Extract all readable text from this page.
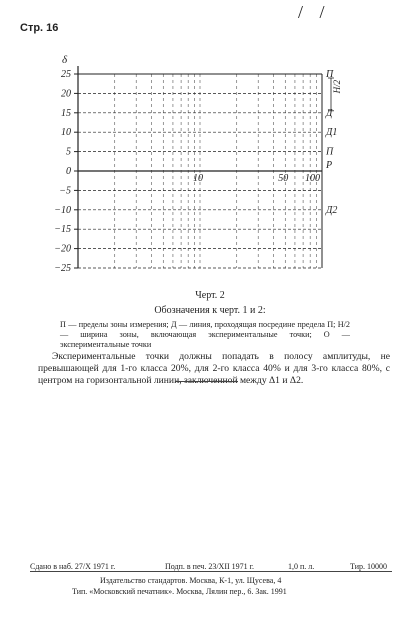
Стр. 16
/ /
25
20
15
10
5
0
−5
−10
−15
−20
−25
δ
10	50 100
П
Д
Д1
П
Р
Д2
H/2
Черт. 2
Обозначения к черт. 1 и 2:
П — пределы зоны измерения; Д — линия, проходящая посредине предела П; H/2 — ширина зоны, включающая экспериментальные точки; О — экспериментальные точки
Экспериментальные точки должны попадать в полосу амплитуды, не превышающей для 1-го класса 20%, для 2-го класса 40% и для 3-го класса 80%, с центром на горизонтальной линии, заключенной между Δ1 и Δ2.
Сдано в наб. 27/X 1971 г.	Подп. в печ. 23/XII 1971 г.	1,0 п. л.	Тир. 10000
Издательство стандартов. Москва, К-1, ул. Щусева, 4
Тип. «Московский печатник». Москва, Лялин пер., 6. Зак. 1991
